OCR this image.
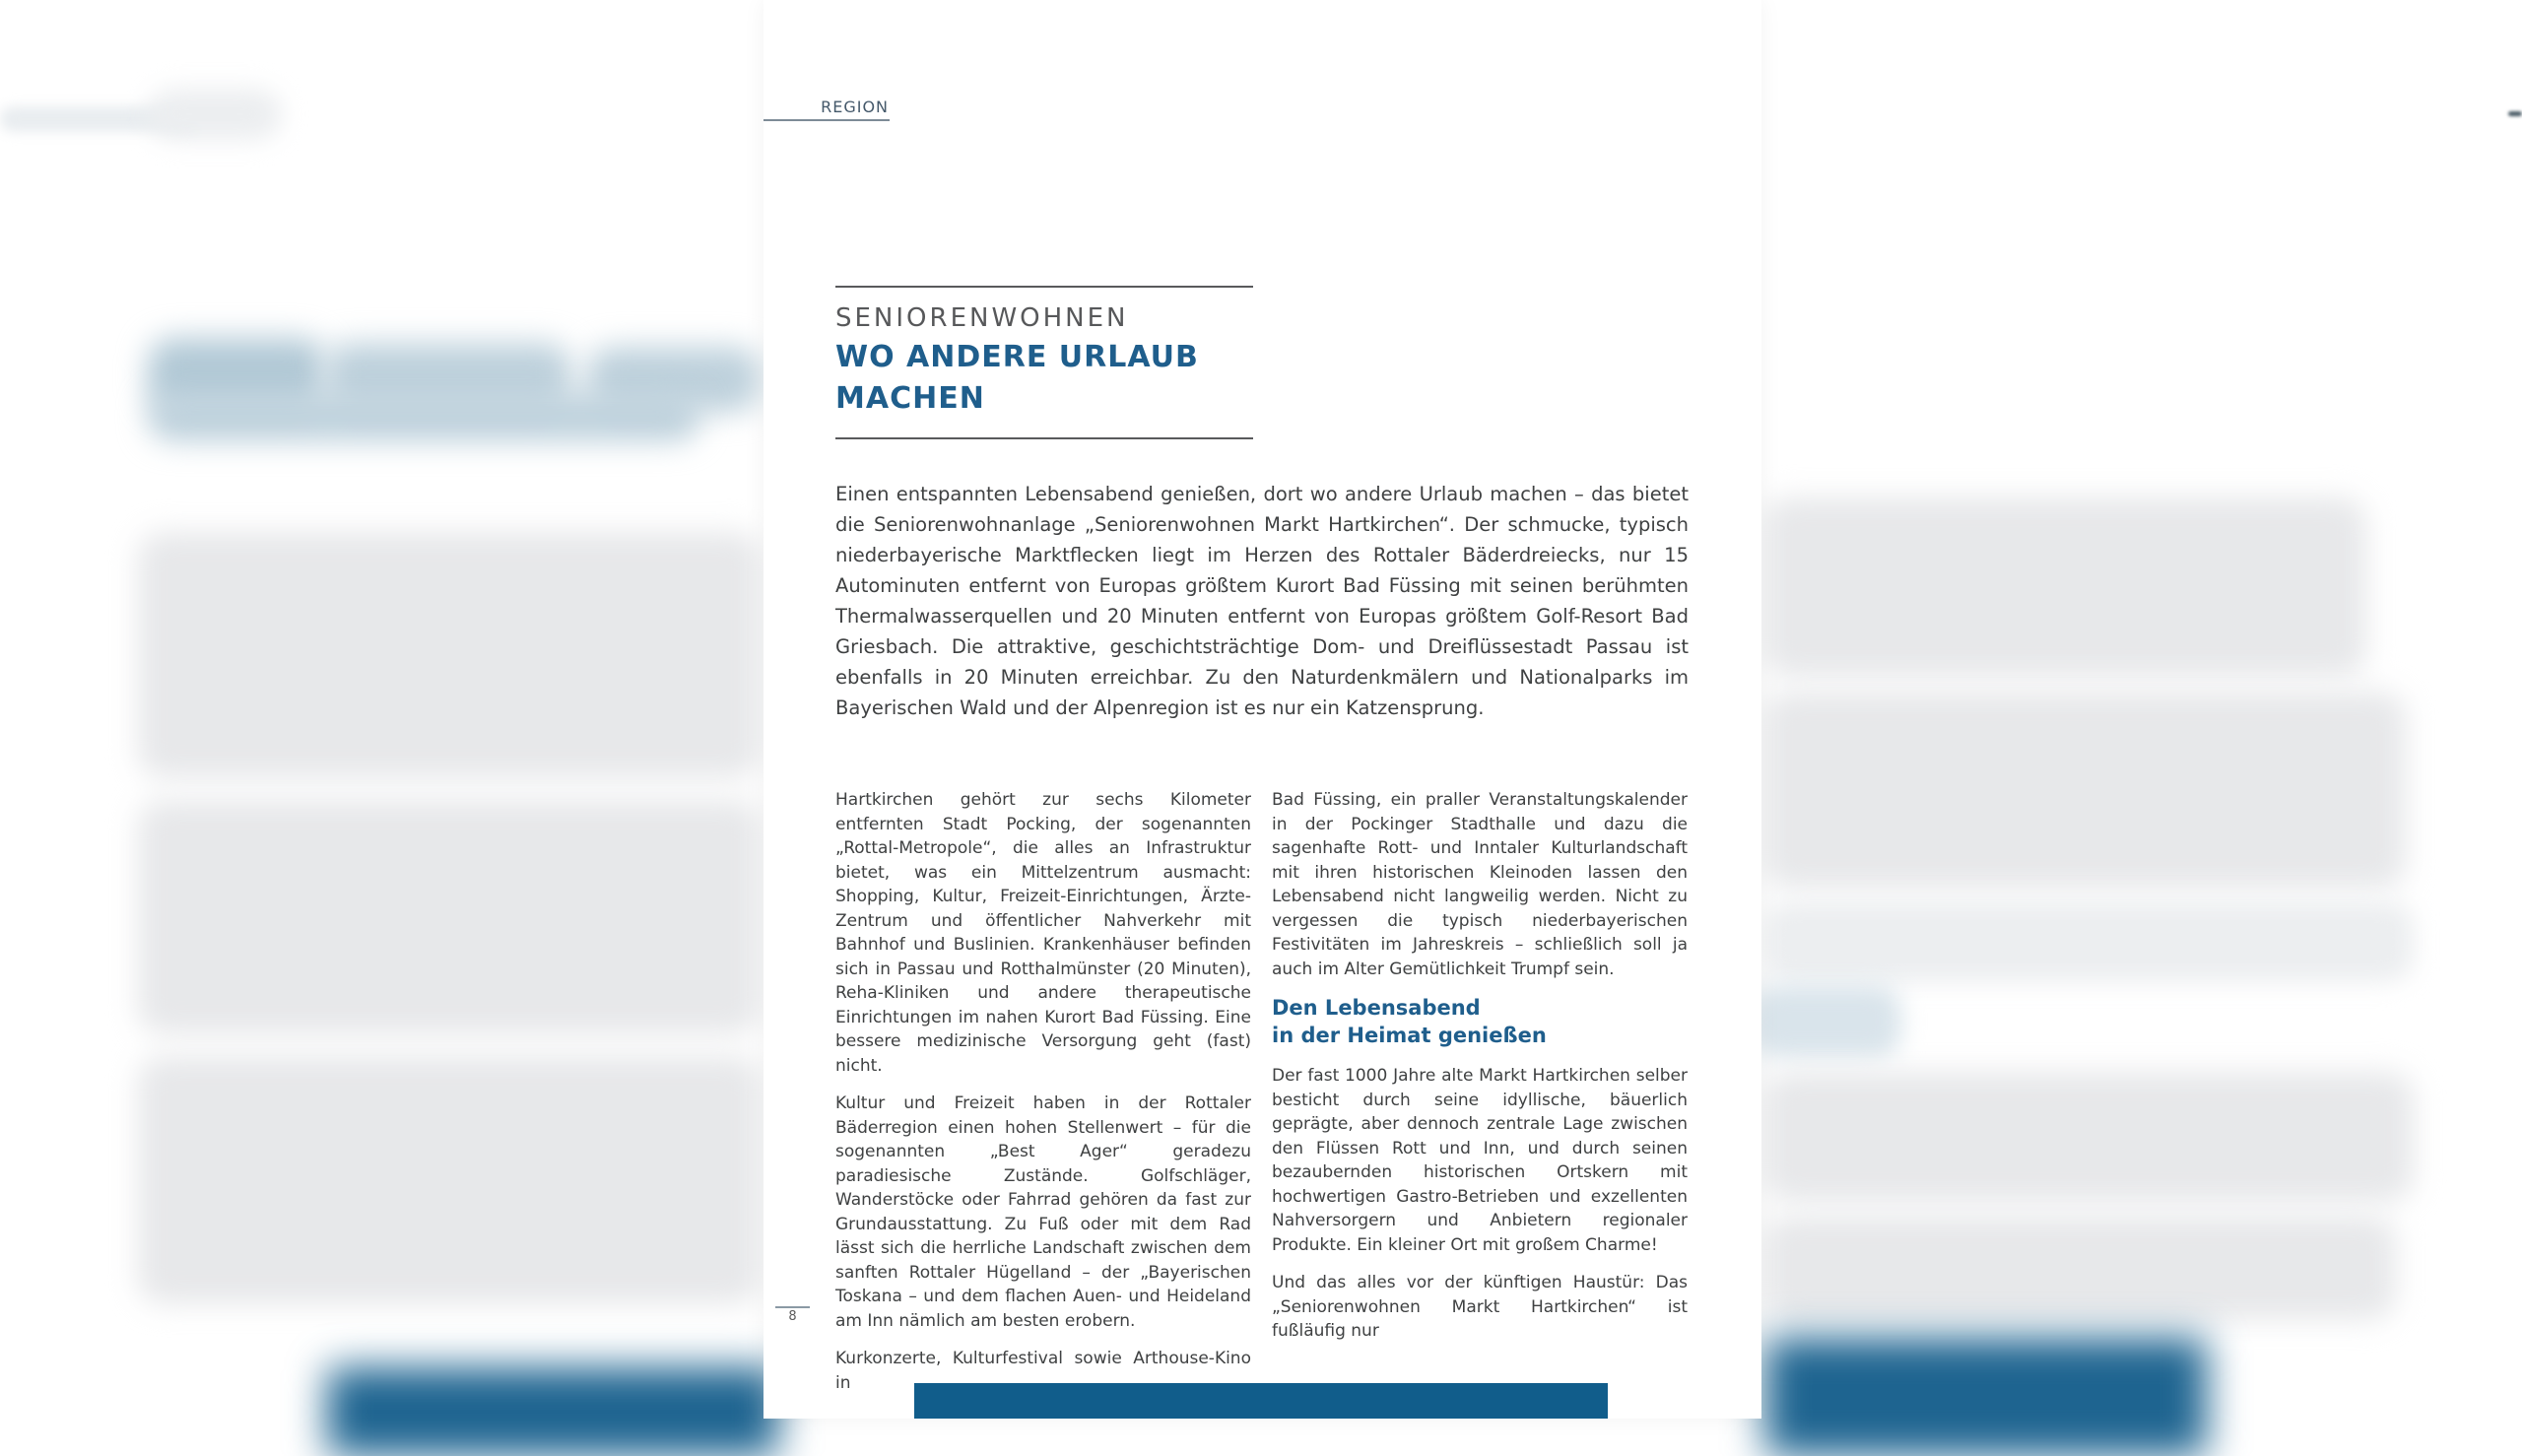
REGION
SENIORENWOHNEN
WO ANDERE URLAUB
MACHEN
Einen entspannten Lebensabend genießen, dort wo andere Urlaub machen – das bietet die Seniorenwohnanlage „Seniorenwohnen Markt Hartkirchen“. Der schmucke, typisch niederbayerische Marktflecken liegt im Herzen des Rottaler Bäderdreiecks, nur 15 Autominuten entfernt von Europas größtem Kurort Bad Füssing mit seinen berühmten Thermalwasserquellen und 20 Minuten entfernt von Europas größtem Golf-Resort Bad Griesbach. Die attraktive, geschichtsträchtige Dom- und Dreiflüssestadt Passau ist ebenfalls in 20 Minuten erreichbar. Zu den Naturdenkmälern und Nationalparks im Bayerischen Wald und der Alpenregion ist es nur ein Katzensprung.

Hartkirchen gehört zur sechs Kilometer entfernten Stadt Pocking, der sogenannten „Rottal-Metropole“, die alles an Infrastruktur bietet, was ein Mittelzentrum ausmacht: Shopping, Kultur, Freizeit-Einrichtungen, Ärzte-Zentrum und öffentlicher Nahverkehr mit Bahnhof und Buslinien. Krankenhäuser befinden sich in Passau und Rotthalmünster (20 Minuten), Reha-Kliniken und andere therapeutische Einrichtungen im nahen Kurort Bad Füssing. Eine bessere medizinische Versorgung geht (fast) nicht.

Kultur und Freizeit haben in der Rottaler Bäderregion einen hohen Stellenwert – für die sogenannten „Best Ager“ geradezu paradiesische Zustände. Golfschläger, Wanderstöcke oder Fahrrad gehören da fast zur Grundausstattung. Zu Fuß oder mit dem Rad lässt sich die herrliche Landschaft zwischen dem sanften Rottaler Hügelland – der „Bayerischen Toskana – und dem flachen Auen- und Heideland am Inn nämlich am besten erobern.

Kurkonzerte, Kulturfestival sowie Arthouse-Kino in

Bad Füssing, ein praller Veranstaltungskalender in der Pockinger Stadthalle und dazu die sagenhafte Rott- und Inntaler Kulturlandschaft mit ihren historischen Kleinoden lassen den Lebensabend nicht langweilig werden. Nicht zu vergessen die typisch niederbayerischen Festivitäten im Jahreskreis – schließlich soll ja auch im Alter Gemütlichkeit Trumpf sein.

Den Lebensabend
in der Heimat genießen

Der fast 1000 Jahre alte Markt Hartkirchen selber besticht durch seine idyllische, bäuerlich geprägte, aber dennoch zentrale Lage zwischen den Flüssen Rott und Inn, und durch seinen bezaubernden historischen Ortskern mit hochwertigen Gastro-Betrieben und exzellenten Nahversorgern und Anbietern regionaler Produkte. Ein kleiner Ort mit großem Charme!

Und das alles vor der künftigen Haustür: Das „Seniorenwohnen Markt Hartkirchen“ ist fußläufig nur

8
